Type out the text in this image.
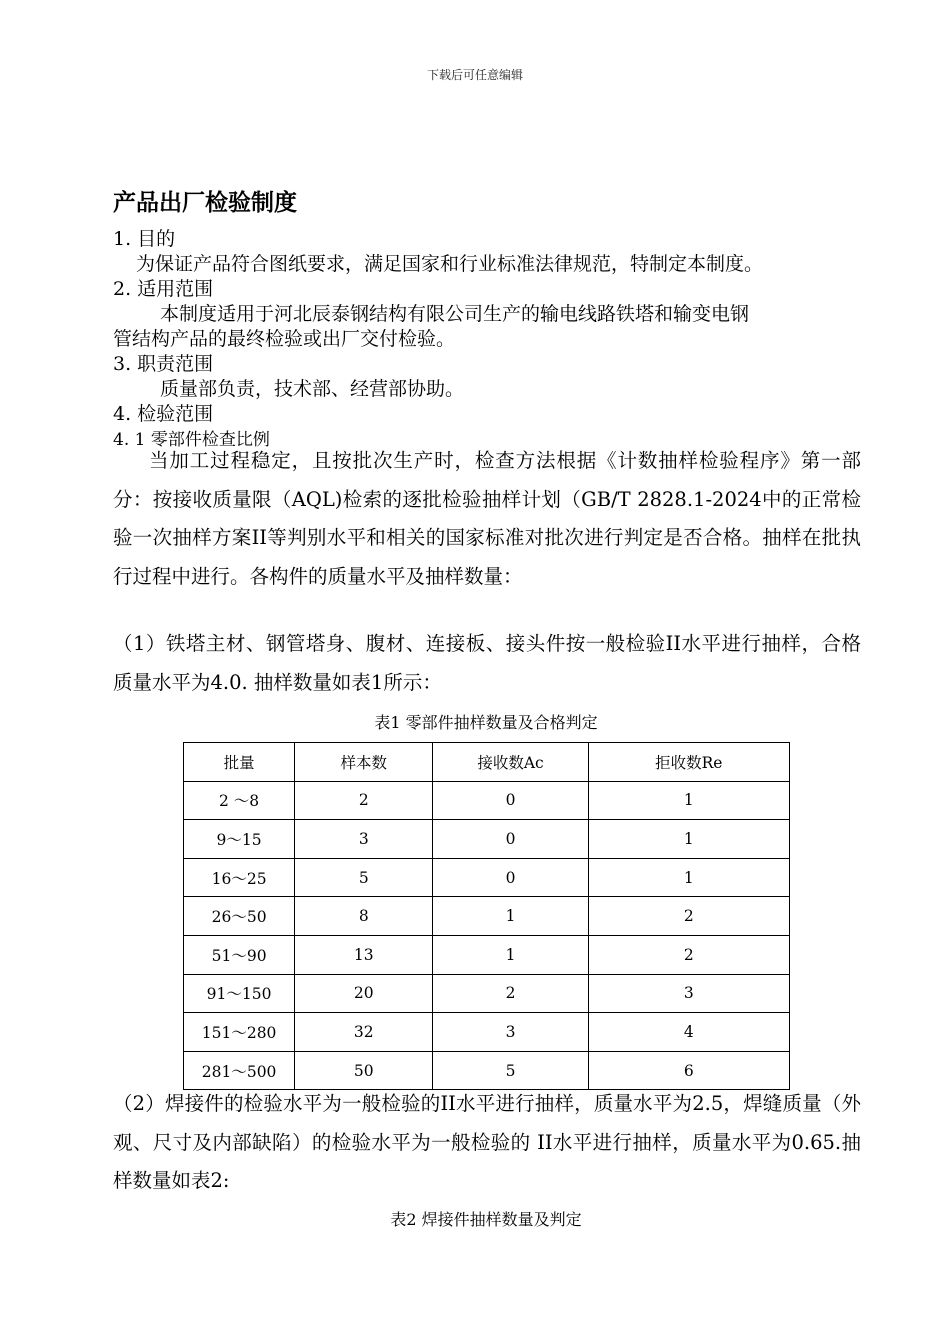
下载后可任意编辑
产品出厂检验制度
1. 目的
为保证产品符合图纸要求，满足国家和行业标准法律规范，特制定本制度。
2. 适用范围
本制度适用于河北辰泰钢结构有限公司生产的输电线路铁塔和输变电钢
管结构产品的最终检验或出厂交付检验。
3. 职责范围
质量部负责，技术部、经营部协助。
4. 检验范围
4. 1 零部件检查比例

当加工过程稳定，且按批次生产时，检查方法根据《计数抽样检验程序》第一部分：按接收质量限（AQL)检索的逐批检验抽样计划（GB/T 2828.1-2024中的正常检验一次抽样方案II等判别水平和相关的国家标准对批次进行判定是否合格。抽样在批执行过程中进行。各构件的质量水平及抽样数量：

（1）铁塔主材、钢管塔身、腹材、连接板、接头件按一般检验II水平进行抽样，合格质量水平为4.0. 抽样数量如表1所示：

表1 零部件抽样数量及合格判定
批量	样本数	接收数Ac	拒收数Re
2 ～8	2	0	1
9～15	3	0	1
16～25	5	0	1
26～50	8	1	2
51～90	13	1	2
91～150	20	2	3
151～280	32	3	4
281～500	50	5	6

（2）焊接件的检验水平为一般检验的II水平进行抽样，质量水平为2.5，焊缝质量（外观、尺寸及内部缺陷）的检验水平为一般检验的 II水平进行抽样，质量水平为0.65.抽样数量如表2:

表2 焊接件抽样数量及判定
